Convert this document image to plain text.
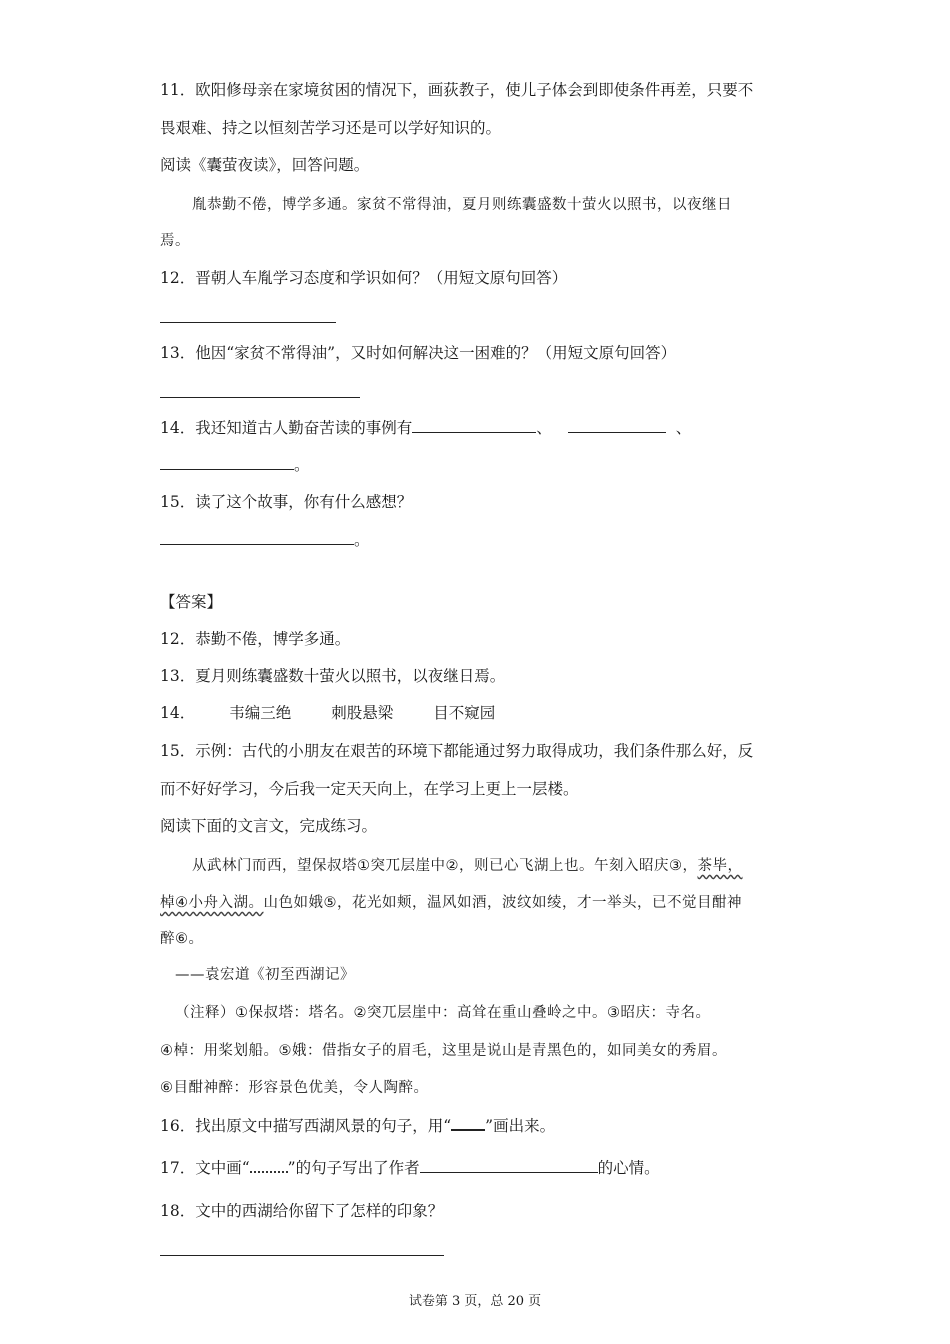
11．欧阳修母亲在家境贫困的情况下，画荻教子，使儿子体会到即使条件再差，只要不
畏艰难、持之以恒刻苦学习还是可以学好知识的。
阅读《囊萤夜读》，回答问题。
胤恭勤不倦，博学多通。家贫不常得油，夏月则练囊盛数十萤火以照书，以夜继日
焉。
12．晋朝人车胤学习态度和学识如何？（用短文原句回答）
13．他因“家贫不常得油”，又时如何解决这一困难的？（用短文原句回答）
14．我还知道古人勤奋苦读的事例有	、	、
。
15．读了这个故事，你有什么感想？
。
【答案】
12．恭勤不倦，博学多通。
13．夏月则练囊盛数十萤火以照书，以夜继日焉。
14． 韦编三绝	刺股悬梁	目不窥园
15．示例：古代的小朋友在艰苦的环境下都能通过努力取得成功，我们条件那么好，反
而不好好学习，今后我一定天天向上，在学习上更上一层楼。
阅读下面的文言文，完成练习。
从武林门而西，望保叔塔①突兀层崖中②，则已心飞湖上也。午刻入昭庆③，茶毕，
棹④小舟入湖。山色如娥⑤，花光如颊，温风如酒，波纹如绫，才一举头，已不觉目酣神
醉⑥。
——袁宏道《初至西湖记》
（注释）①保叔塔：塔名。②突兀层崖中：高耸在重山叠岭之中。③昭庆：寺名。
④棹：用桨划船。⑤娥：借指女子的眉毛，这里是说山是青黑色的，如同美女的秀眉。
⑥目酣神醉：形容景色优美，令人陶醉。
16．找出原文中描写西湖风景的句子，用“ ”画出来。
17．文中画“ ”的句子写出了作者	的心情。
18．文中的西湖给你留下了怎样的印象？
试卷第 3 页，总 20 页
